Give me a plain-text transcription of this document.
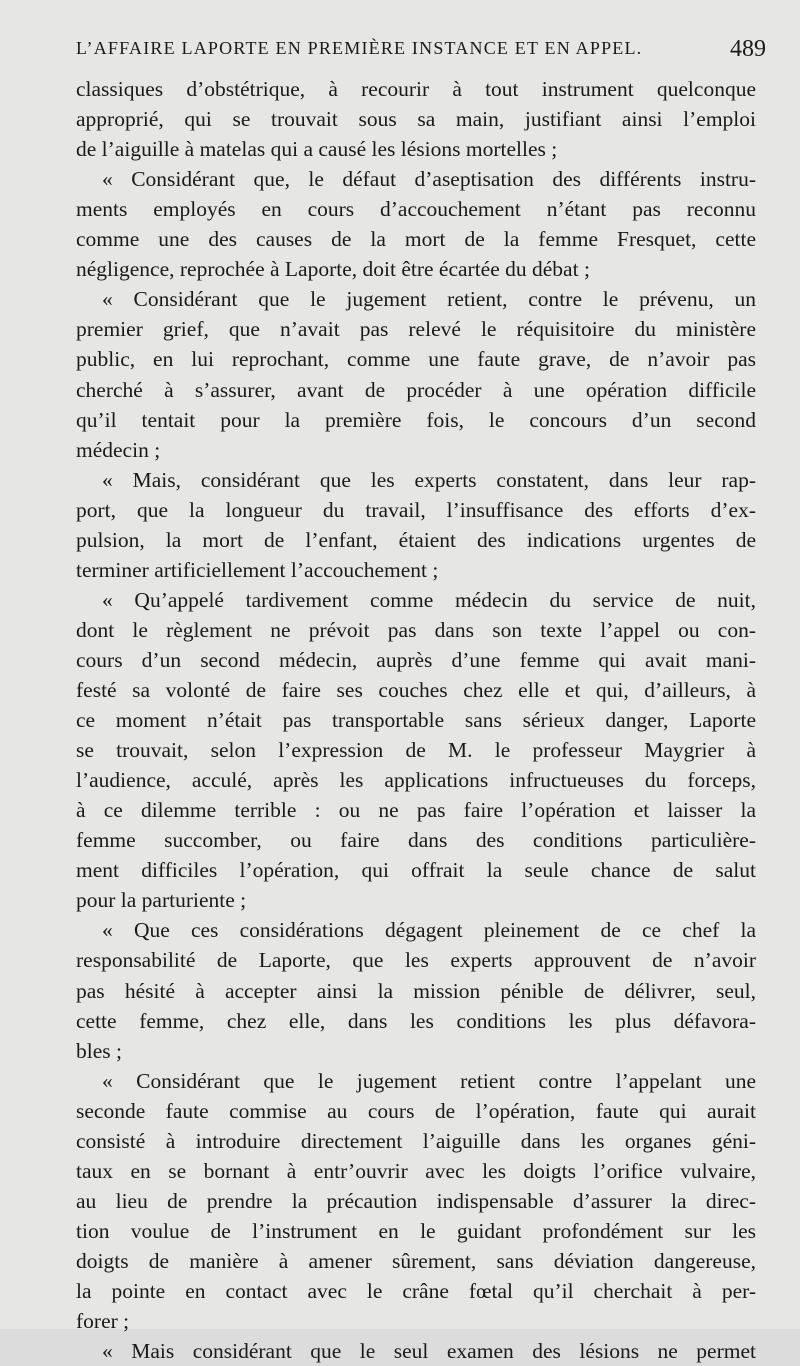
L’AFFAIRE LAPORTE EN PREMIÈRE INSTANCE ET EN APPEL.	489
classiques d’obstétrique, à recourir à tout instrument quelconque
approprié, qui se trouvait sous sa main, justifiant ainsi l’emploi
de l’aiguille à matelas qui a causé les lésions mortelles ;
« Considérant que, le défaut d’aseptisation des différents instru-
ments employés en cours d’accouchement n’étant pas reconnu
comme une des causes de la mort de la femme Fresquet, cette
négligence, reprochée à Laporte, doit être écartée du débat ;
« Considérant que le jugement retient, contre le prévenu, un
premier grief, que n’avait pas relevé le réquisitoire du ministère
public, en lui reprochant, comme une faute grave, de n’avoir pas
cherché à s’assurer, avant de procéder à une opération difficile
qu’il tentait pour la première fois, le concours d’un second
médecin ;
« Mais, considérant que les experts constatent, dans leur rap-
port, que la longueur du travail, l’insuffisance des efforts d’ex-
pulsion, la mort de l’enfant, étaient des indications urgentes de
terminer artificiellement l’accouchement ;
« Qu’appelé tardivement comme médecin du service de nuit,
dont le règlement ne prévoit pas dans son texte l’appel ou con-
cours d’un second médecin, auprès d’une femme qui avait mani-
festé sa volonté de faire ses couches chez elle et qui, d’ailleurs, à
ce moment n’était pas transportable sans sérieux danger, Laporte
se trouvait, selon l’expression de M. le professeur Maygrier à
l’audience, acculé, après les applications infructueuses du forceps,
à ce dilemme terrible : ou ne pas faire l’opération et laisser la
femme succomber, ou faire dans des conditions particulière-
ment difficiles l’opération, qui offrait la seule chance de salut
pour la parturiente ;
« Que ces considérations dégagent pleinement de ce chef la
responsabilité de Laporte, que les experts approuvent de n’avoir
pas hésité à accepter ainsi la mission pénible de délivrer, seul,
cette femme, chez elle, dans les conditions les plus défavora-
bles ;
« Considérant que le jugement retient contre l’appelant une
seconde faute commise au cours de l’opération, faute qui aurait
consisté à introduire directement l’aiguille dans les organes géni-
taux en se bornant à entr’ouvrir avec les doigts l’orifice vulvaire,
au lieu de prendre la précaution indispensable d’assurer la direc-
tion voulue de l’instrument en le guidant profondément sur les
doigts de manière à amener sûrement, sans déviation dangereuse,
la pointe en contact avec le crâne fœtal qu’il cherchait à per-
forer ;
« Mais considérant que le seul examen des lésions ne permet
